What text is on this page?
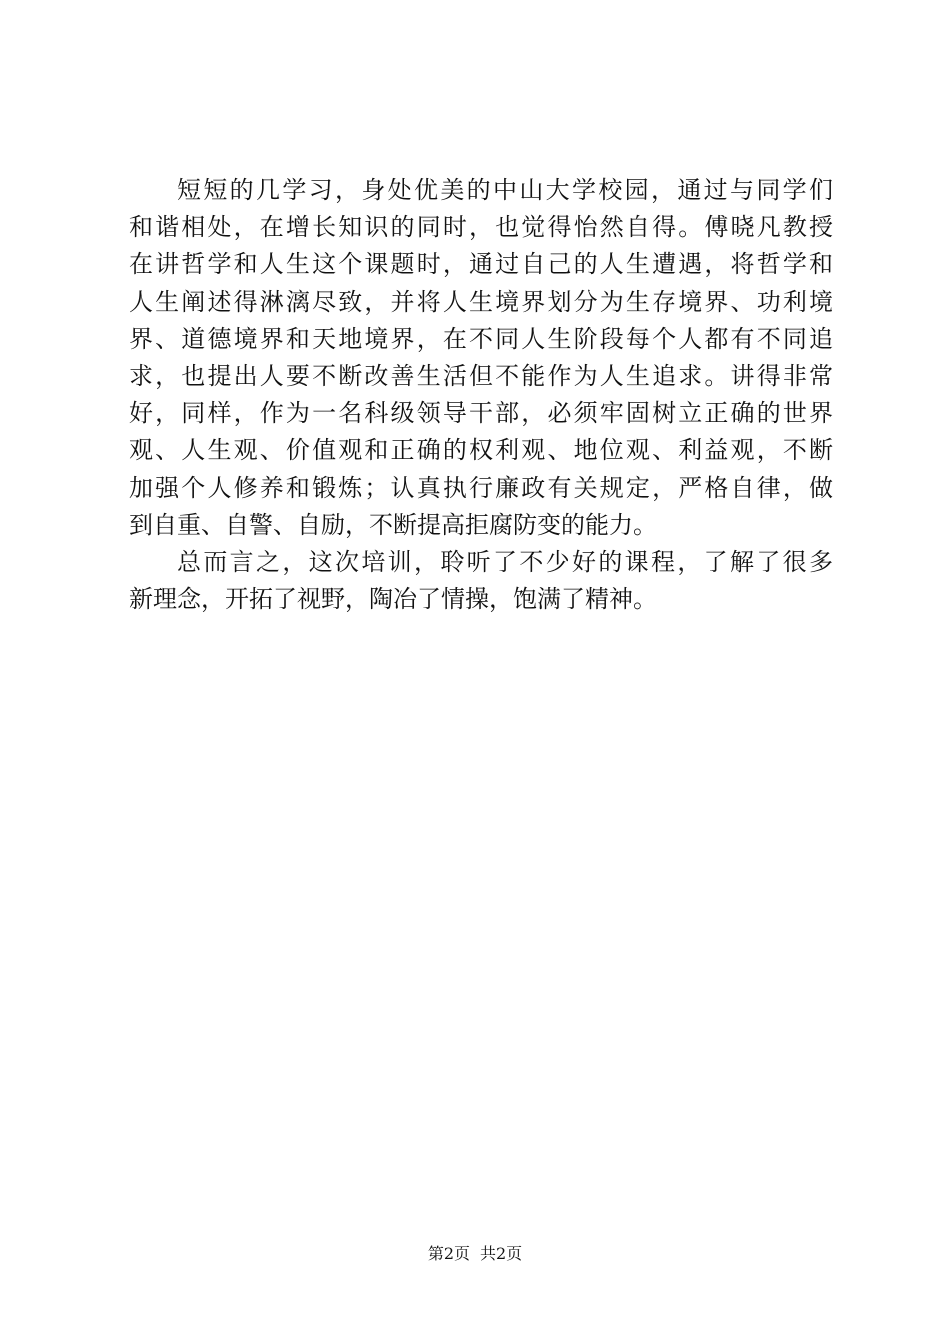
短短的几学习，身处优美的中山大学校园，通过与同学们
和谐相处，在增长知识的同时，也觉得怡然自得。傅晓凡教授
在讲哲学和人生这个课题时，通过自己的人生遭遇，将哲学和
人生阐述得淋漓尽致，并将人生境界划分为生存境界、功利境
界、道德境界和天地境界，在不同人生阶段每个人都有不同追
求，也提出人要不断改善生活但不能作为人生追求。讲得非常
好，同样，作为一名科级领导干部，必须牢固树立正确的世界
观、人生观、价值观和正确的权利观、地位观、利益观，不断
加强个人修养和锻炼；认真执行廉政有关规定，严格自律，做
到自重、自警、自励，不断提高拒腐防变的能力。
总而言之，这次培训，聆听了不少好的课程，了解了很多
新理念，开拓了视野，陶冶了情操，饱满了精神。
第2页 共2页
